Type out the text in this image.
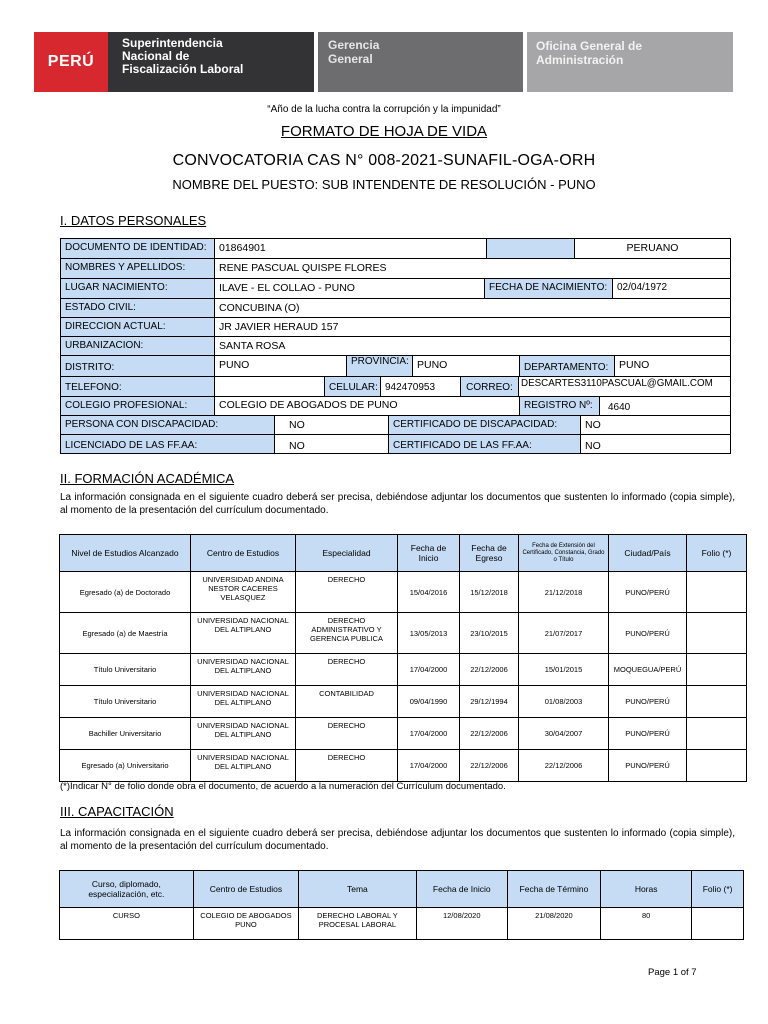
PERÚ
Superintendencia
Nacional de
Fiscalización Laboral
Gerencia
General
Oficina General de
Administración
“Año de la lucha contra la corrupción y la impunidad”
FORMATO DE HOJA DE VIDA
CONVOCATORIA CAS N° 008-2021-SUNAFIL-OGA-ORH
NOMBRE DEL PUESTO: SUB INTENDENTE DE RESOLUCIÓN - PUNO
I. DATOS PERSONALES
DOCUMENTO DE IDENTIDAD:	01864901	PERUANO
NOMBRES Y APELLIDOS:	RENE PASCUAL QUISPE FLORES
LUGAR NACIMIENTO:	ILAVE - EL COLLAO - PUNO	FECHA DE NACIMIENTO: 02/04/1972
ESTADO CIVIL:	CONCUBINA (O)
DIRECCION ACTUAL:	JR JAVIER HERAUD 157
URBANIZACION:	SANTA ROSA
DISTRITO:	PUNO	PROVINCIA: PUNO	DEPARTAMENTO:	PUNO
TELEFONO:	CELULAR: 942470953	CORREO: DESCARTES3110PASCUAL@GMAIL.COM
COLEGIO PROFESIONAL:	COLEGIO DE ABOGADOS DE PUNO	REGISTRO Nº:	4640
PERSONA CON DISCAPACIDAD:	NO	CERTIFICADO DE DISCAPACIDAD:	NO
LICENCIADO DE LAS FF.AA:	NO	CERTIFICADO DE LAS FF.AA:	NO
II. FORMACIÓN ACADÉMICA
La información consignada en el siguiente cuadro deberá ser precisa, debiéndose adjuntar los documentos que sustenten lo informado (copia simple), al momento de la presentación del currículum documentado.
Nivel de Estudios Alcanzado	Centro de Estudios	Especialidad	Fecha de Inicio	Fecha de Egreso	Fecha de Extensión del Certificado, Constancia, Grado o Título	Ciudad/País	Folio (*)
Egresado (a) de Doctorado	UNIVERSIDAD ANDINA NESTOR CACERES VELASQUEZ	DERECHO	15/04/2016	15/12/2018	21/12/2018	PUNO/PERÚ	
Egresado (a) de Maestría	UNIVERSIDAD NACIONAL DEL ALTIPLANO	DERECHO ADMINISTRATIVO Y GERENCIA PUBLICA	13/05/2013	23/10/2015	21/07/2017	PUNO/PERÚ	
Título Universitario	UNIVERSIDAD NACIONAL DEL ALTIPLANO	DERECHO	17/04/2000	22/12/2006	15/01/2015	MOQUEGUA/PERÚ	
Título Universitario	UNIVERSIDAD NACIONAL DEL ALTIPLANO	CONTABILIDAD	09/04/1990	29/12/1994	01/08/2003	PUNO/PERÚ	
Bachiller Universitario	UNIVERSIDAD NACIONAL DEL ALTIPLANO	DERECHO	17/04/2000	22/12/2006	30/04/2007	PUNO/PERÚ	
Egresado (a) Universitario	UNIVERSIDAD NACIONAL DEL ALTIPLANO	DERECHO	17/04/2000	22/12/2006	22/12/2006	PUNO/PERÚ	
(*)Indicar N° de folio donde obra el documento, de acuerdo a la numeración del Currículum documentado.
III. CAPACITACIÓN
La información consignada en el siguiente cuadro deberá ser precisa, debiéndose adjuntar los documentos que sustenten lo informado (copia simple), al momento de la presentación del currículum documentado.
Curso, diplomado, especialización, etc.	Centro de Estudios	Tema	Fecha de Inicio	Fecha de Término	Horas	Folio (*)
CURSO	COLEGIO DE ABOGADOS PUNO	DERECHO LABORAL Y PROCESAL LABORAL	12/08/2020	21/08/2020	80	
Page 1 of 7
